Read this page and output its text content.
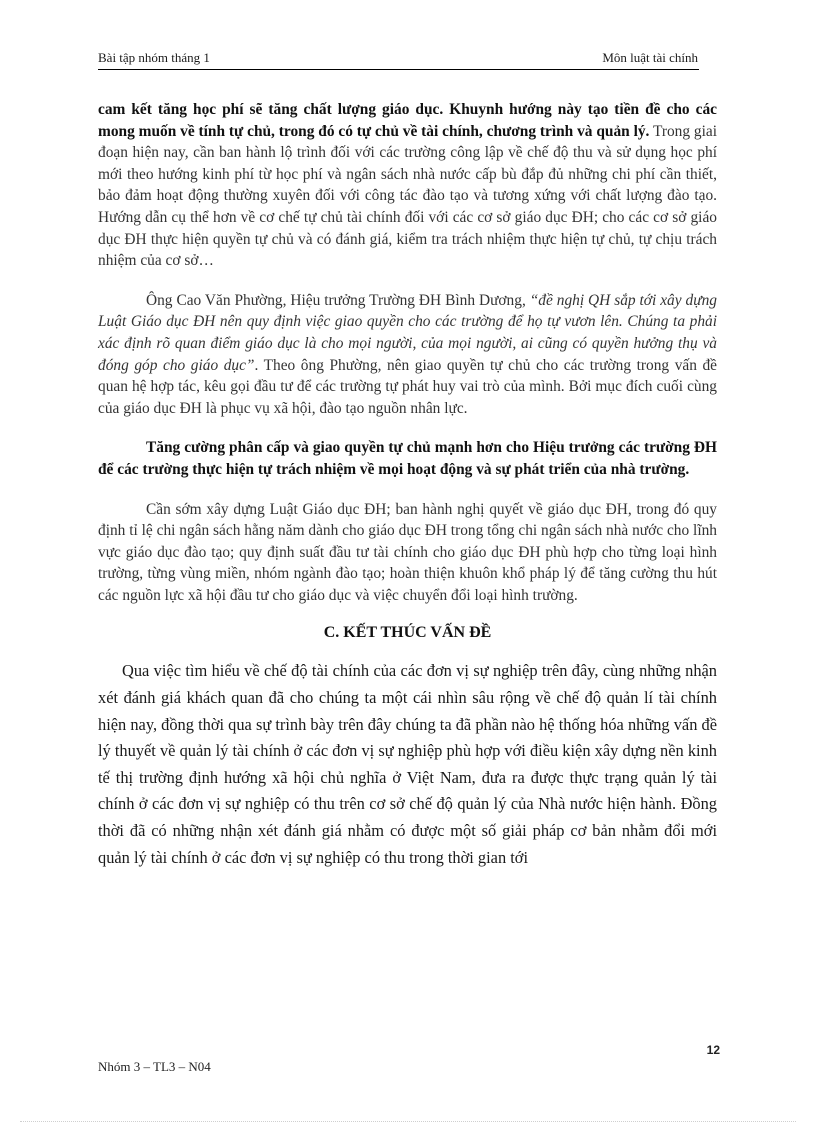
Bài tập nhóm tháng 1	Môn luật tài chính

cam kết tăng học phí sẽ tăng chất lượng giáo dục. Khuynh hướng này tạo tiền đề cho các mong muốn về tính tự chủ, trong đó có tự chủ về tài chính, chương trình và quản lý. Trong giai đoạn hiện nay, cần ban hành lộ trình đối với các trường công lập về chế độ thu và sử dụng học phí mới theo hướng kinh phí từ học phí và ngân sách nhà nước cấp bù đắp đủ những chi phí cần thiết, bảo đảm hoạt động thường xuyên đối với công tác đào tạo và tương xứng với chất lượng đào tạo. Hướng dẫn cụ thể hơn về cơ chế tự chủ tài chính đối với các cơ sở giáo dục ĐH; cho các cơ sở giáo dục ĐH thực hiện quyền tự chủ và có đánh giá, kiểm tra trách nhiệm thực hiện tự chủ, tự chịu trách nhiệm của cơ sở…

Ông Cao Văn Phường, Hiệu trưởng Trường ĐH Bình Dương, “đề nghị QH sắp tới xây dựng Luật Giáo dục ĐH nên quy định việc giao quyền cho các trường để họ tự vươn lên. Chúng ta phải xác định rõ quan điểm giáo dục là cho mọi người, của mọi người, ai cũng có quyền hưởng thụ và đóng góp cho giáo dục”. Theo ông Phường, nên giao quyền tự chủ cho các trường trong vấn đề quan hệ hợp tác, kêu gọi đầu tư để các trường tự phát huy vai trò của mình. Bởi mục đích cuối cùng của giáo dục ĐH là phục vụ xã hội, đào tạo nguồn nhân lực.

Tăng cường phân cấp và giao quyền tự chủ mạnh hơn cho Hiệu trưởng các trường ĐH để các trường thực hiện tự trách nhiệm về mọi hoạt động và sự phát triển của nhà trường.

Cần sớm xây dựng Luật Giáo dục ĐH; ban hành nghị quyết về giáo dục ĐH, trong đó quy định tỉ lệ chi ngân sách hằng năm dành cho giáo dục ĐH trong tổng chi ngân sách nhà nước cho lĩnh vực giáo dục đào tạo; quy định suất đầu tư tài chính cho giáo dục ĐH phù hợp cho từng loại hình trường, từng vùng miền, nhóm ngành đào tạo; hoàn thiện khuôn khổ pháp lý để tăng cường thu hút các nguồn lực xã hội đầu tư cho giáo dục và việc chuyển đổi loại hình trường.

C. KẾT THÚC VẤN ĐỀ

Qua việc tìm hiểu về chế độ tài chính của các đơn vị sự nghiệp trên đây, cùng những nhận xét đánh giá khách quan đã cho chúng ta một cái nhìn sâu rộng về chế độ quản lí tài chính hiện nay, đồng thời qua sự trình bày trên đây chúng ta đã phần nào hệ thống hóa những vấn đề lý thuyết về quản lý tài chính ở các đơn vị sự nghiệp phù hợp với điều kiện xây dựng nền kinh tế thị trường định hướng xã hội chủ nghĩa ở Việt Nam, đưa ra được thực trạng quản lý tài chính ở các đơn vị sự nghiệp có thu trên cơ sở chế độ quản lý của Nhà nước hiện hành. Đồng thời đã có những nhận xét đánh giá nhằm có được một số giải pháp cơ bản nhằm đổi mới quản lý tài chính ở các đơn vị sự nghiệp có thu trong thời gian tới

12
Nhóm 3 – TL3 – N04
